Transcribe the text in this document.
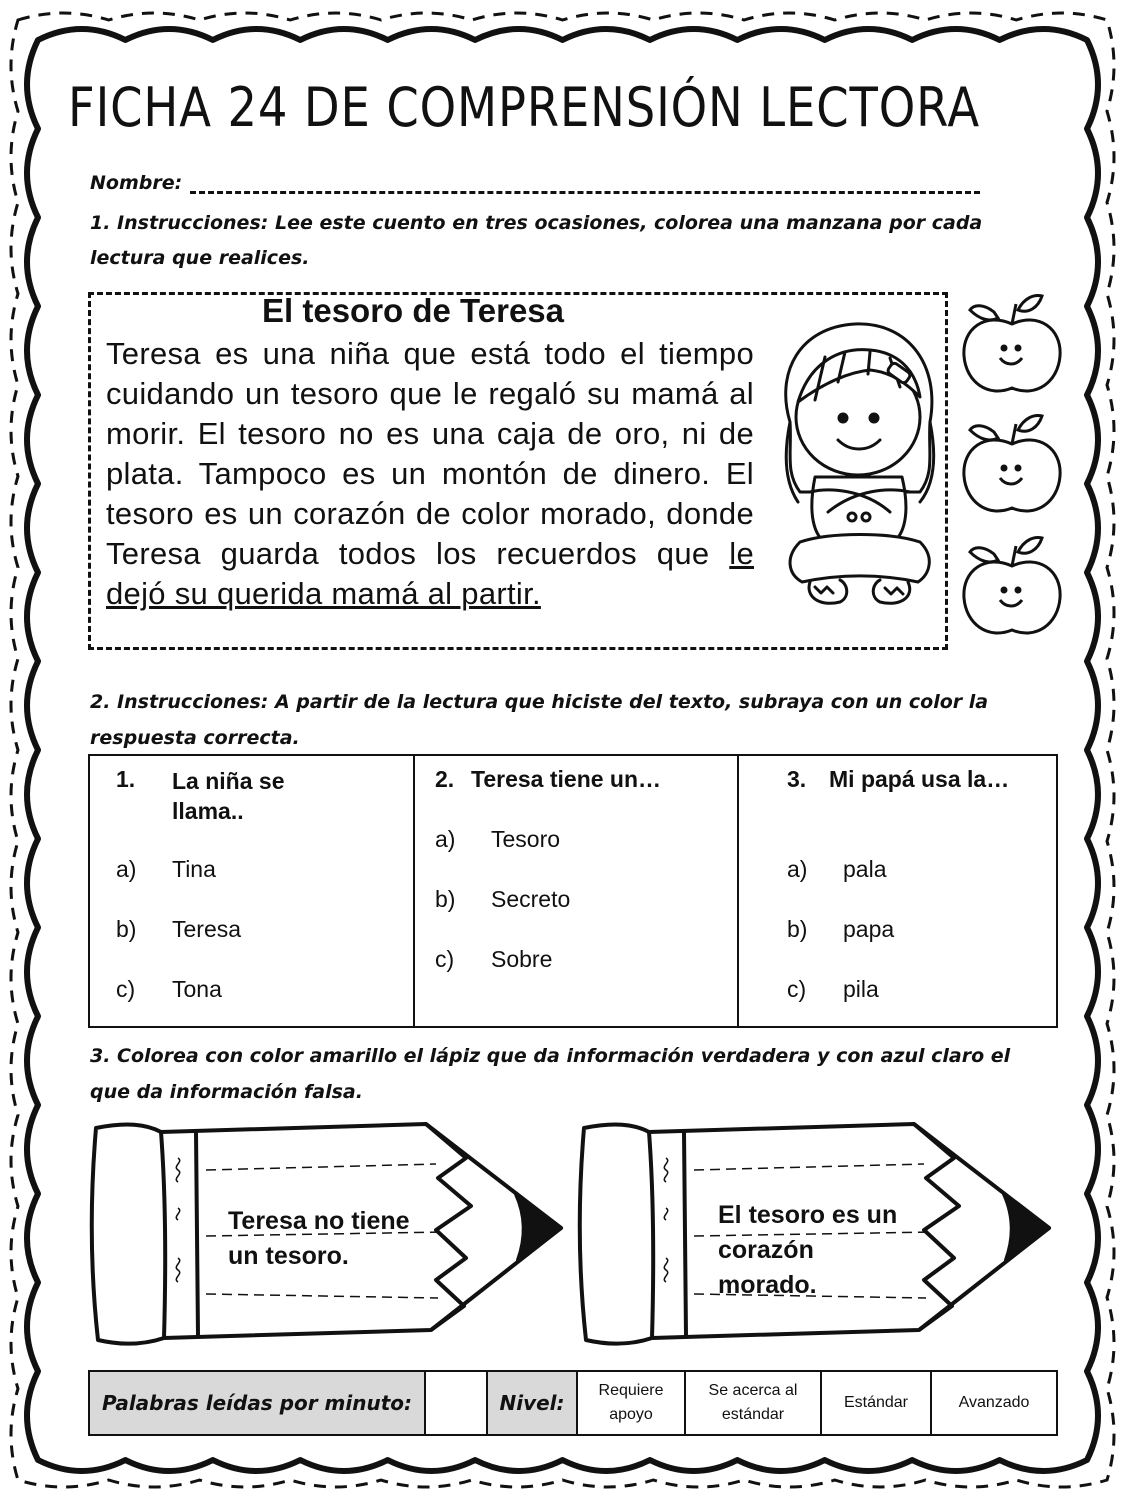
FICHA 24 DE COMPRENSIÓN LECTORA
Nombre:
1. Instrucciones: Lee este cuento en tres ocasiones, colorea una manzana por cada lectura que realices.
El tesoro de Teresa
Teresa es una niña que está todo el tiempo cuidando un tesoro que le regaló su mamá al morir. El tesoro no es una caja de oro, ni de plata. Tampoco es un montón de dinero. El tesoro es un corazón de color morado, donde Teresa guarda todos los recuerdos que le dejó su querida mamá al partir.
2. Instrucciones: A partir de la lectura que hiciste del texto, subraya con un color la respuesta correcta.
1. La niña se llama..
a) Tina
b) Teresa
c) Tona
2. Teresa tiene un…
a) Tesoro
b) Secreto
c) Sobre
3. Mi papá usa la…
a) pala
b) papa
c) pila
3. Colorea con color amarillo el lápiz que da información verdadera y con azul claro el que da información falsa.
Teresa no tiene un tesoro.
El tesoro es un corazón morado.
Palabras leídas por minuto:	Nivel:
Requiere apoyo
Se acerca al estándar
Estándar	Avanzado
